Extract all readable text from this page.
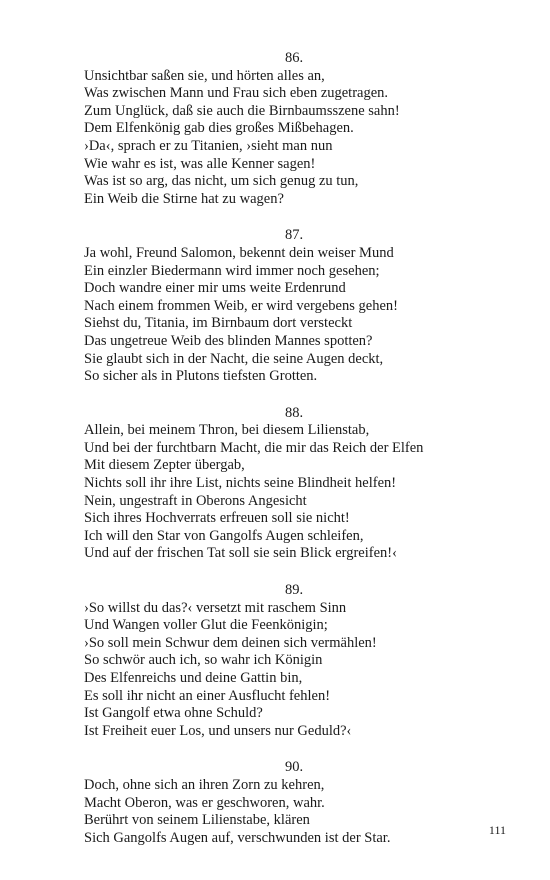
86.
Unsichtbar saßen sie, und hörten alles an,
Was zwischen Mann und Frau sich eben zugetragen.
Zum Unglück, daß sie auch die Birnbaumsszene sahn!
Dem Elfenkönig gab dies großes Mißbehagen.
›Da‹, sprach er zu Titanien, ›sieht man nun
Wie wahr es ist, was alle Kenner sagen!
Was ist so arg, das nicht, um sich genug zu tun,
Ein Weib die Stirne hat zu wagen?
87.
Ja wohl, Freund Salomon, bekennt dein weiser Mund
Ein einzler Biedermann wird immer noch gesehen;
Doch wandre einer mir ums weite Erdenrund
Nach einem frommen Weib, er wird vergebens gehen!
Siehst du, Titania, im Birnbaum dort versteckt
Das ungetreue Weib des blinden Mannes spotten?
Sie glaubt sich in der Nacht, die seine Augen deckt,
So sicher als in Plutons tiefsten Grotten.
88.
Allein, bei meinem Thron, bei diesem Lilienstab,
Und bei der furchtbarn Macht, die mir das Reich der Elfen
Mit diesem Zepter übergab,
Nichts soll ihr ihre List, nichts seine Blindheit helfen!
Nein, ungestraft in Oberons Angesicht
Sich ihres Hochverrats erfreuen soll sie nicht!
Ich will den Star von Gangolfs Augen schleifen,
Und auf der frischen Tat soll sie sein Blick ergreifen!‹
89.
›So willst du das?‹ versetzt mit raschem Sinn
Und Wangen voller Glut die Feenkönigin;
›So soll mein Schwur dem deinen sich vermählen!
So schwör auch ich, so wahr ich Königin
Des Elfenreichs und deine Gattin bin,
Es soll ihr nicht an einer Ausflucht fehlen!
Ist Gangolf etwa ohne Schuld?
Ist Freiheit euer Los, und unsers nur Geduld?‹
90.
Doch, ohne sich an ihren Zorn zu kehren,
Macht Oberon, was er geschworen, wahr.
Berührt von seinem Lilienstabe, klären
Sich Gangolfs Augen auf, verschwunden ist der Star.	111
